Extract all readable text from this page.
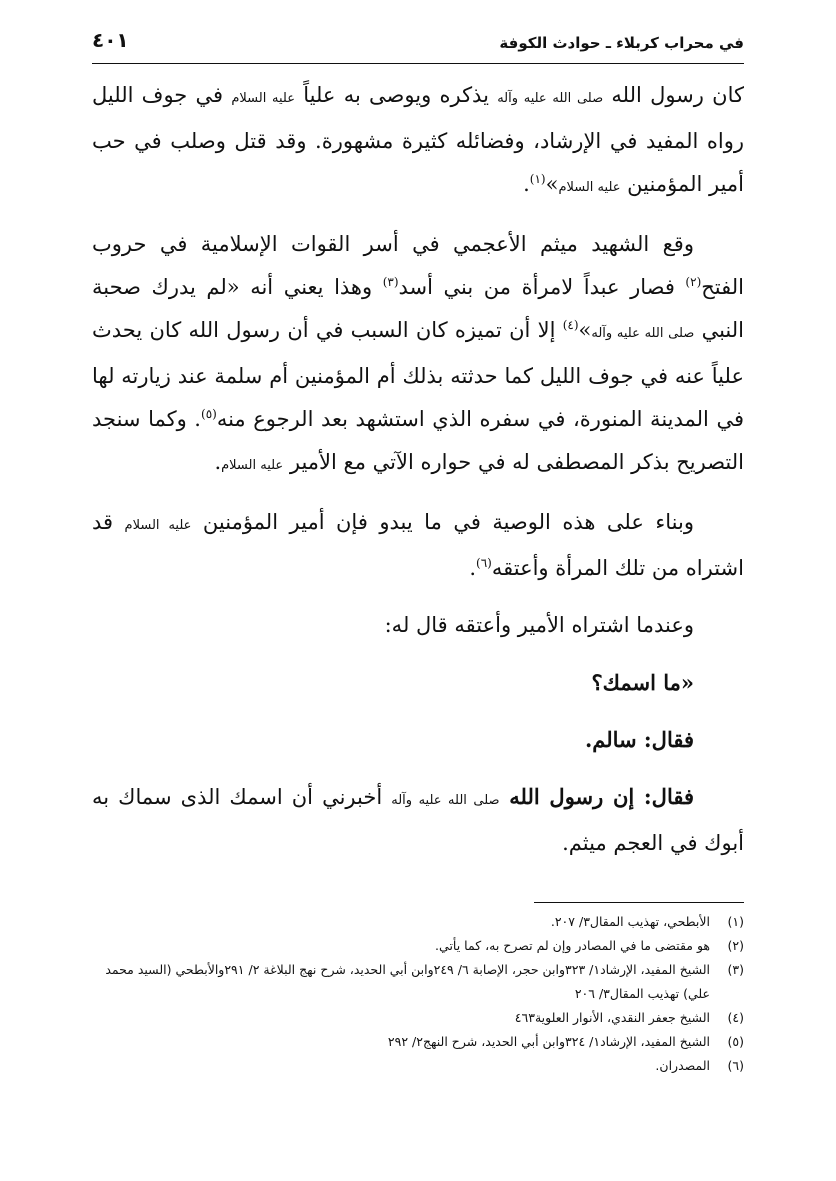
في محراب كربلاء ـ حوادث الكوفة
٤٠١

كان رسول الله صلى الله عليه وآله يذكره ويوصى به علياً عليه السلام في جوف الليل رواه المفيد في الإرشاد، وفضائله كثيرة مشهورة. وقد قتل وصلب في حب أمير المؤمنين عليه السلام»$^{(١)}$.

وقع الشهيد ميثم الأعجمي في أسر القوات الإسلامية في حروب الفتح$^{(٢)}$ فصار عبداً لامرأة من بني أسد$^{(٣)}$ وهذا يعني أنه «لم يدرك صحبة النبي صلى الله عليه وآله»$^{(٤)}$ إلا أن تميزه كان السبب في أن رسول الله كان يحدث علياً عنه في جوف الليل كما حدثته بذلك أم المؤمنين أم سلمة عند زيارته لها في المدينة المنورة، في سفره الذي استشهد بعد الرجوع منه$^{(٥)}$. وكما سنجد التصريح بذكر المصطفى له في حواره الآتي مع الأمير عليه السلام.

وبناء على هذه الوصية في ما يبدو فإن أمير المؤمنين عليه السلام قد اشتراه من تلك المرأة وأعتقه$^{(٦)}$.

وعندما اشتراه الأمير وأعتقه قال له:

«ما اسمك؟

فقال: سالم.

فقال: إن رسول الله صلى الله عليه وآله أخبرني أن اسمك الذى سماك به أبوك في العجم ميثم.

(١)
الأبطحي، تهذيب المقال٣/ ٢٠٧.
(٢)
هو مقتضى ما في المصادر وإن لم تصرح به، كما يأتي.
(٣)
الشيخ المفيد، الإرشاد١/ ٣٢٣وابن حجر، الإصابة ٦/ ٢٤٩وابن أبي الحديد، شرح نهج البلاغة ٢/ ٢٩١والأبطحي (السيد محمد علي) تهذيب المقال٣/ ٢٠٦
(٤)
الشيخ جعفر النقدي، الأنوار العلوية٤٦٣
(٥)
الشيخ المفيد، الإرشاد١/ ٣٢٤وابن أبي الحديد، شرح النهج٢/ ٢٩٢
(٦)
المصدران.
